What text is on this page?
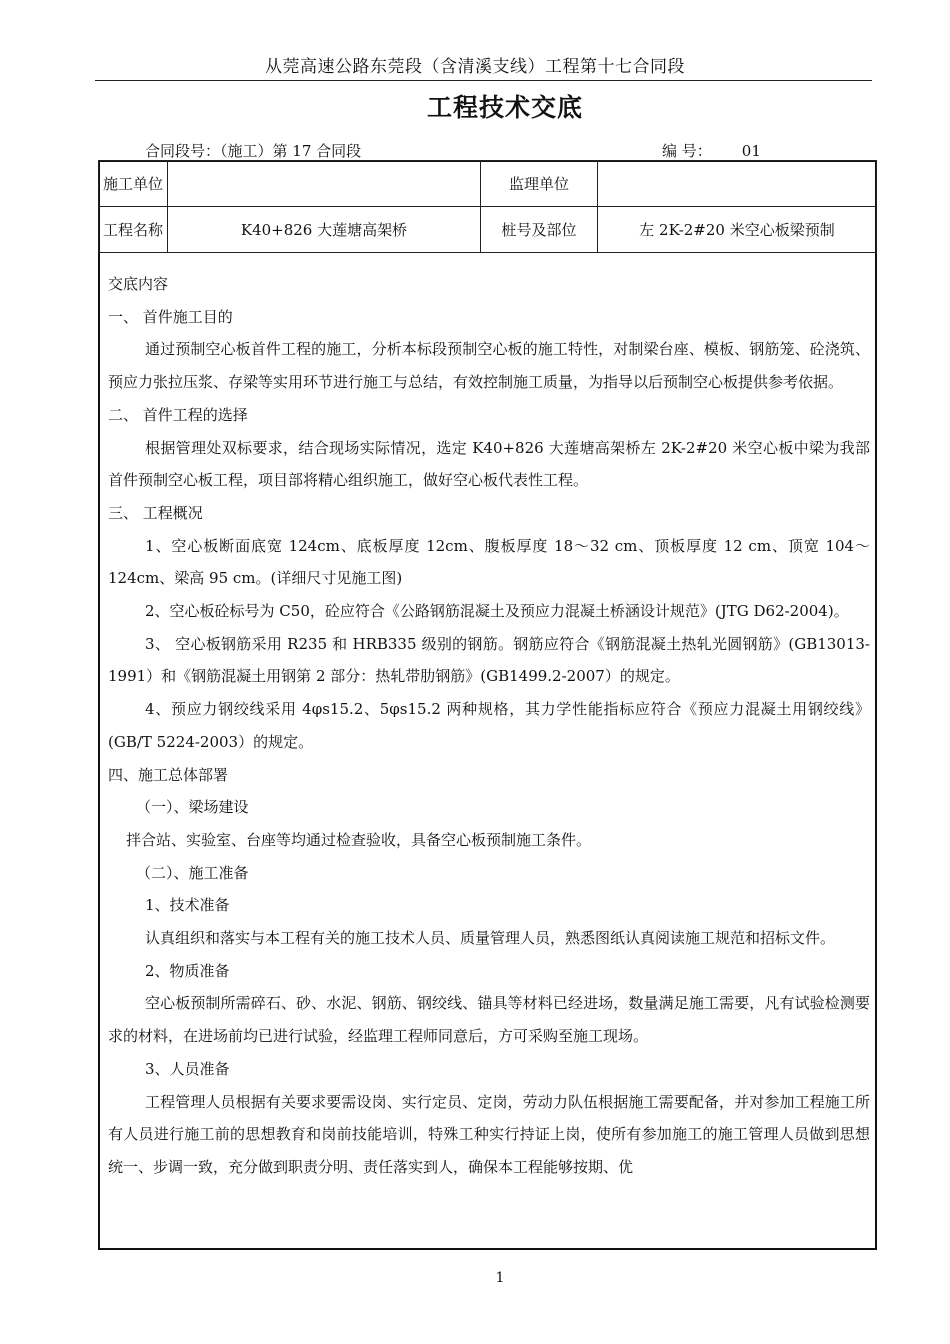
从莞高速公路东莞段（含清溪支线）工程第十七合同段
工程技术交底
合同段号：（施工）第 17 合同段	编 号： 01
施工单位		监理单位	
工程名称	K40+826 大莲塘高架桥	桩号及部位	左 2K-2#20 米空心板梁预制

交底内容

一、 首件施工目的

通过预制空心板首件工程的施工，分析本标段预制空心板的施工特性，对制梁台座、模板、钢筋笼、砼浇筑、预应力张拉压浆、存梁等实用环节进行施工与总结，有效控制施工质量，为指导以后预制空心板提供参考依据。

二、 首件工程的选择

根据管理处双标要求，结合现场实际情况，选定 K40+826 大莲塘高架桥左 2K-2#20 米空心板中梁为我部首件预制空心板工程，项目部将精心组织施工，做好空心板代表性工程。

三、 工程概况

1、空心板断面底宽 124cm、底板厚度 12cm、腹板厚度 18～32 cm、顶板厚度 12 cm、顶宽 104～124cm、梁高 95 cm。(详细尺寸见施工图)

2、空心板砼标号为 C50，砼应符合《公路钢筋混凝土及预应力混凝土桥涵设计规范》(JTG D62-2004)。

3、 空心板钢筋采用 R235 和 HRB335 级别的钢筋。钢筋应符合《钢筋混凝土热轧光圆钢筋》(GB13013-1991）和《钢筋混凝土用钢第 2 部分：热轧带肋钢筋》(GB1499.2-2007）的规定。

4、预应力钢绞线采用 4φs15.2、5φs15.2 两种规格，其力学性能指标应符合《预应力混凝土用钢绞线》(GB/T 5224-2003）的规定。

四、施工总体部署

（一）、梁场建设

拌合站、实验室、台座等均通过检查验收，具备空心板预制施工条件。

（二）、施工准备

1、技术准备

认真组织和落实与本工程有关的施工技术人员、质量管理人员，熟悉图纸认真阅读施工规范和招标文件。

2、物质准备

空心板预制所需碎石、砂、水泥、钢筋、钢绞线、锚具等材料已经进场，数量满足施工需要，凡有试验检测要求的材料，在进场前均已进行试验，经监理工程师同意后，方可采购至施工现场。

3、人员准备

工程管理人员根据有关要求要需设岗、实行定员、定岗，劳动力队伍根据施工需要配备，并对参加工程施工所有人员进行施工前的思想教育和岗前技能培训，特殊工种实行持证上岗，使所有参加施工的施工管理人员做到思想统一、步调一致，充分做到职责分明、责任落实到人，确保本工程能够按期、优

1
